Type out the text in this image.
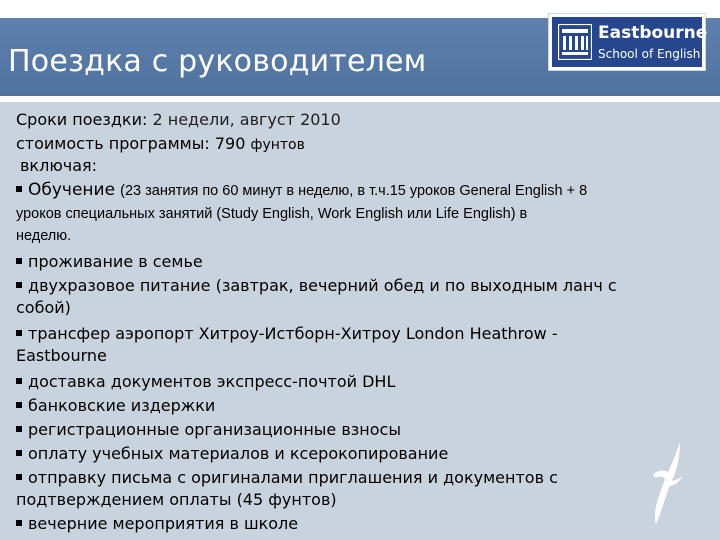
Поездка с руководителем
Eastbourne
School of English
Сроки поездки: 2 недели, август 2010
стоимость программы: 790 фунтов
включая:
Обучение (23 занятия по 60 минут в неделю, в т.ч.15 уроков General English + 8
уроков специальных занятий (Study English, Work English или Life English) в
неделю.
проживание в семье
двухразовое питание (завтрак, вечерний обед и по выходным ланч с
собой)
трансфер аэропорт Хитроу-Истборн-Хитроу London Heathrow -
Eastbourne
доставка документов экспресс-почтой DHL
банковские издержки
регистрационные организационные взносы
оплату учебных материалов и ксерокопирование
отправку письма с оригиналами приглашения и документов с
подтверждением оплаты (45 фунтов)
вечерние мероприятия в школе
